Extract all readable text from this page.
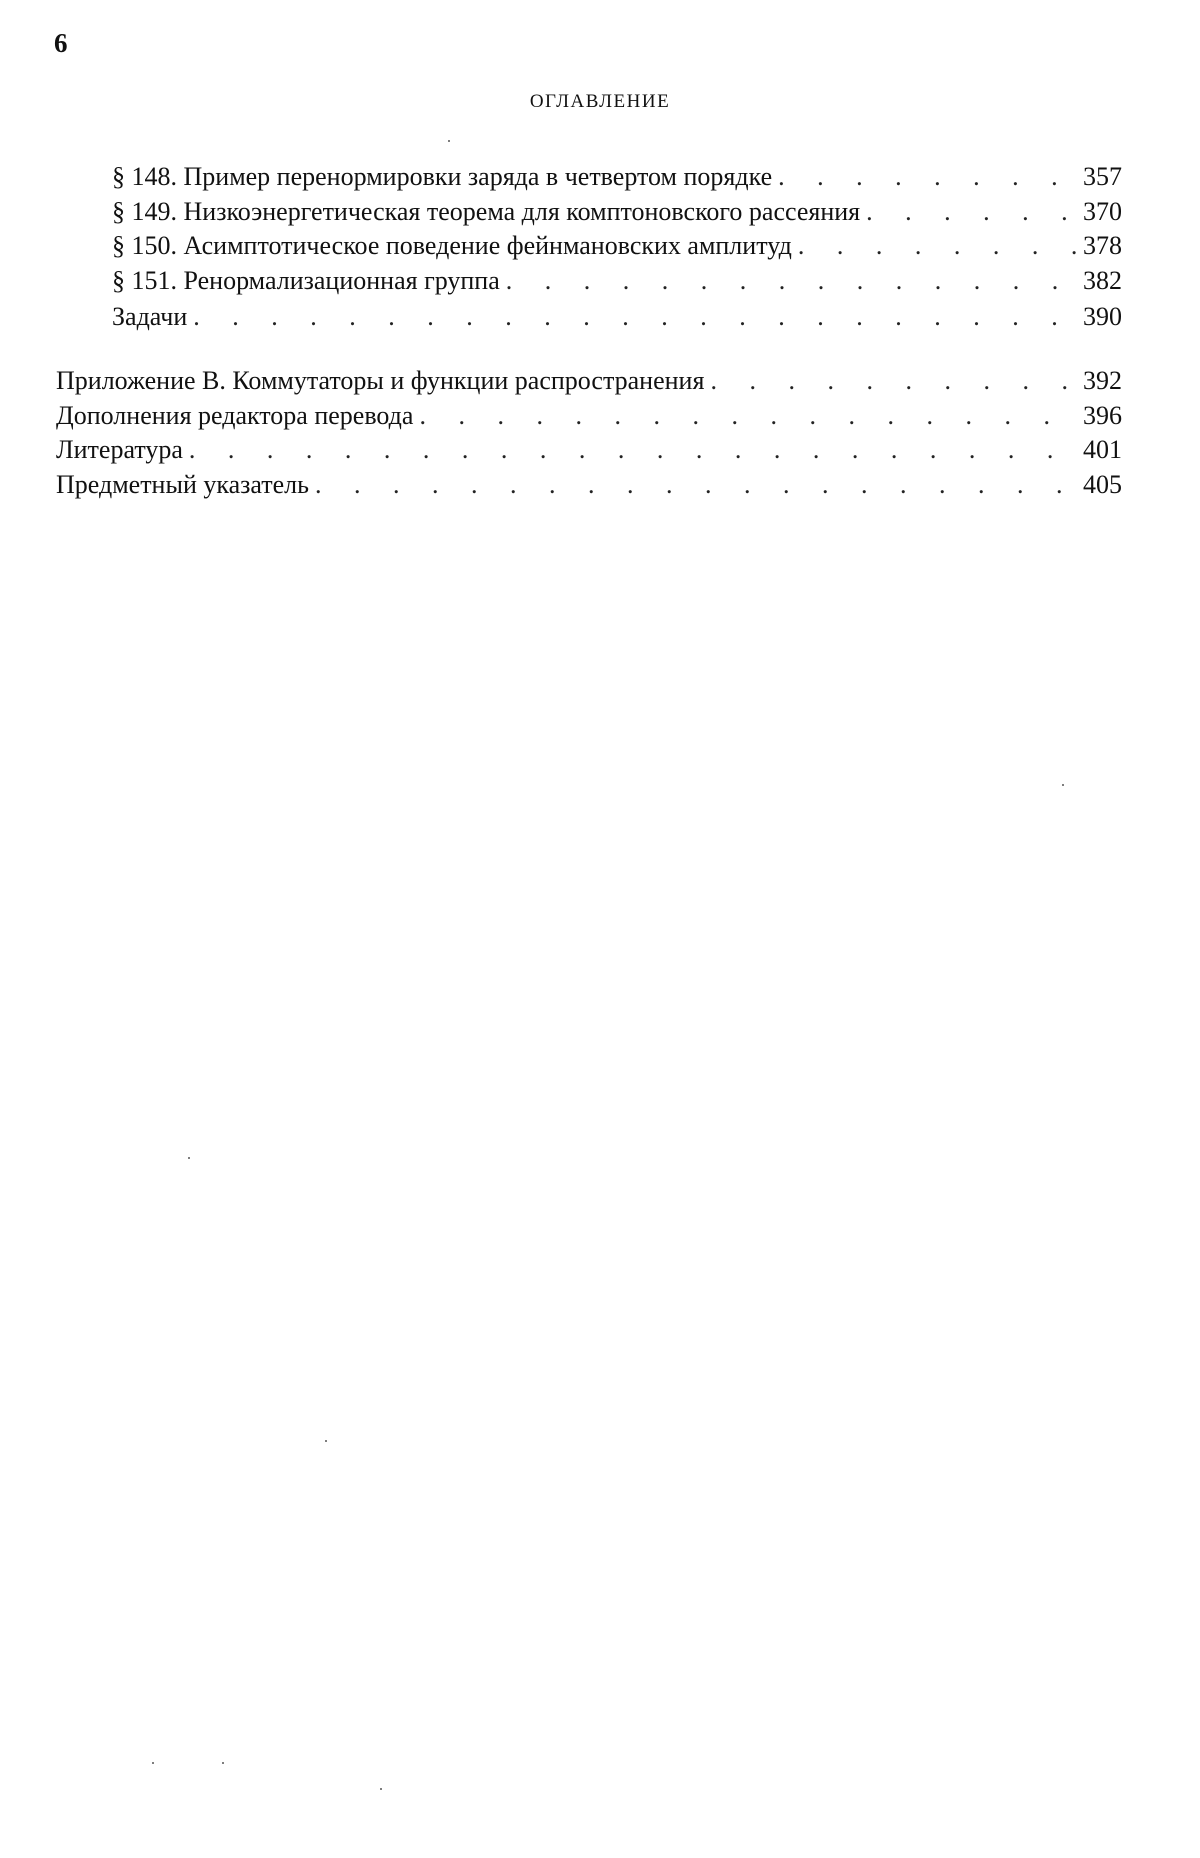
6
ОГЛАВЛЕНИЕ
§ 148. Пример перенормировки заряда в четвертом порядке . . .	357
§ 149. Низкоэнергетическая теорема для комптоновского рассеяния . . .	370
§ 150. Асимптотическое поведение фейнмановских амплитуд . . .	378
§ 151. Ренормализационная группа . . .	382
Задачи . . .	390
Приложение В. Коммутаторы и функции распространения . . .	392
Дополнения редактора перевода . . .	396
Литература . . .	401
Предметный указатель . . .	405
